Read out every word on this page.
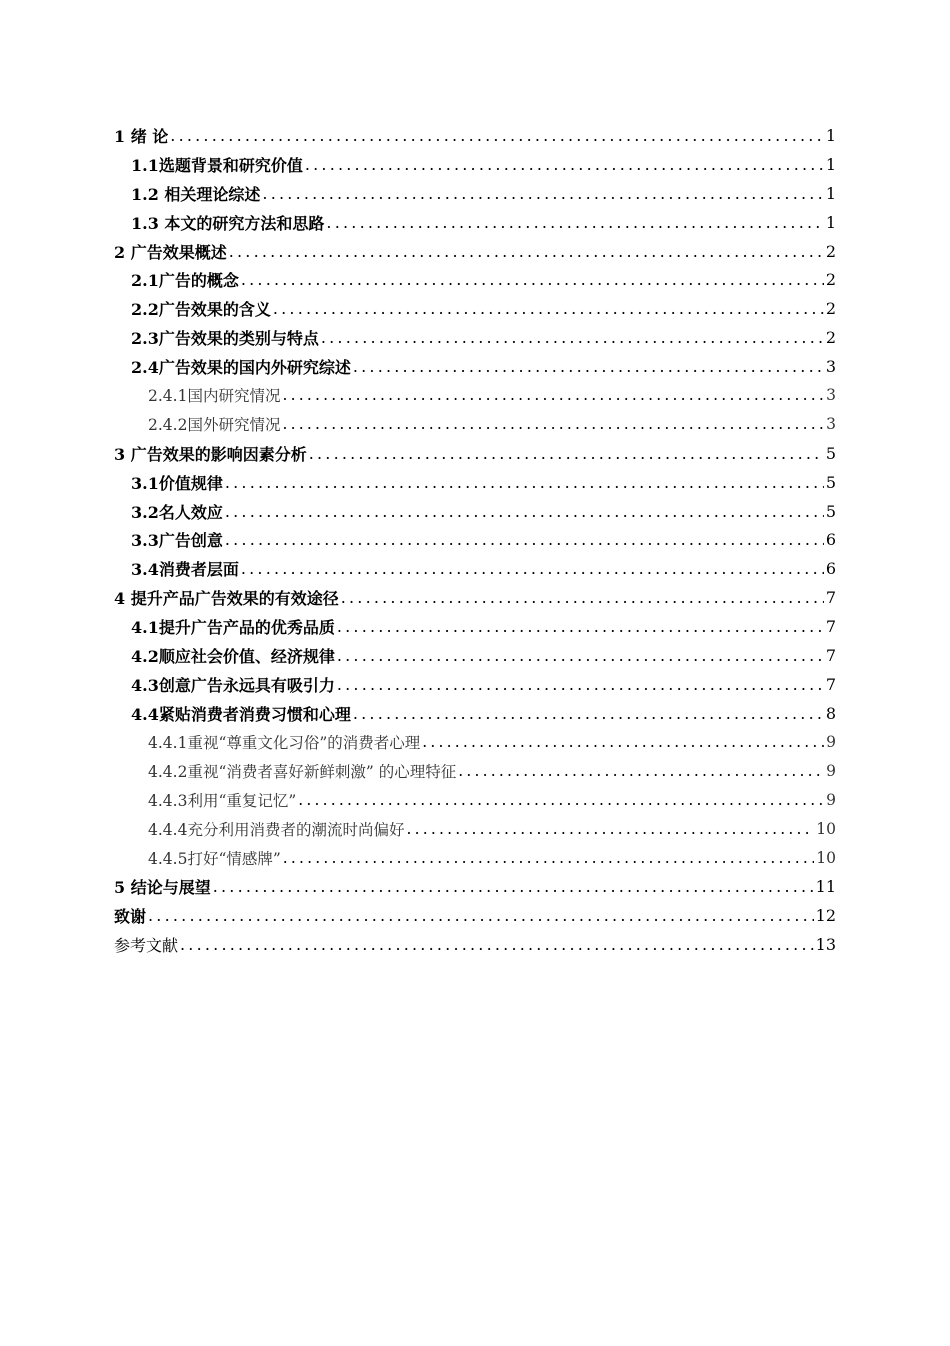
1 绪 论 .....	1
1.1选题背景和研究价值 .....	1
1.2 相关理论综述 .....	1
1.3 本文的研究方法和思路 .....	1
2 广告效果概述 .....	2
2.1广告的概念 .....	2
2.2广告效果的含义 .....	2
2.3广告效果的类别与特点 .....	2
2.4广告效果的国内外研究综述 .....	3
2.4.1国内研究情况 .....	3
2.4.2国外研究情况 .....	3
3 广告效果的影响因素分析 .....	5
3.1价值规律 .....	5
3.2名人效应 .....	5
3.3广告创意 .....	6
3.4消费者层面 .....	6
4 提升产品广告效果的有效途径 .....	7
4.1提升广告产品的优秀品质 .....	7
4.2顺应社会价值、经济规律 .....	7
4.3创意广告永远具有吸引力 .....	7
4.4紧贴消费者消费习惯和心理 .....	8
4.4.1重视“尊重文化习俗”的消费者心理 .....	9
4.4.2重视“消费者喜好新鲜刺激” 的心理特征 .....	9
4.4.3利用“重复记忆” .....	9
4.4.4充分利用消费者的潮流时尚偏好 .....	10
4.4.5打好“情感牌” .....	10
5 结论与展望 .....	11
致谢 .....	12
参考文献 .....	13
